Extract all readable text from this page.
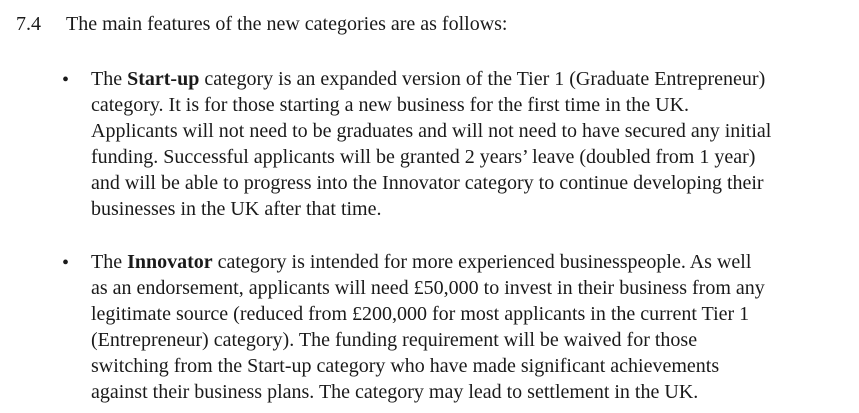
7.4 The main features of the new categories are as follows:
• The Start-up category is an expanded version of the Tier 1 (Graduate Entrepreneur)
category. It is for those starting a new business for the first time in the UK.
Applicants will not need to be graduates and will not need to have secured any initial
funding. Successful applicants will be granted 2 years’ leave (doubled from 1 year)
and will be able to progress into the Innovator category to continue developing their
businesses in the UK after that time.
• The Innovator category is intended for more experienced businesspeople. As well
as an endorsement, applicants will need £50,000 to invest in their business from any
legitimate source (reduced from £200,000 for most applicants in the current Tier 1
(Entrepreneur) category). The funding requirement will be waived for those
switching from the Start-up category who have made significant achievements
against their business plans. The category may lead to settlement in the UK.
